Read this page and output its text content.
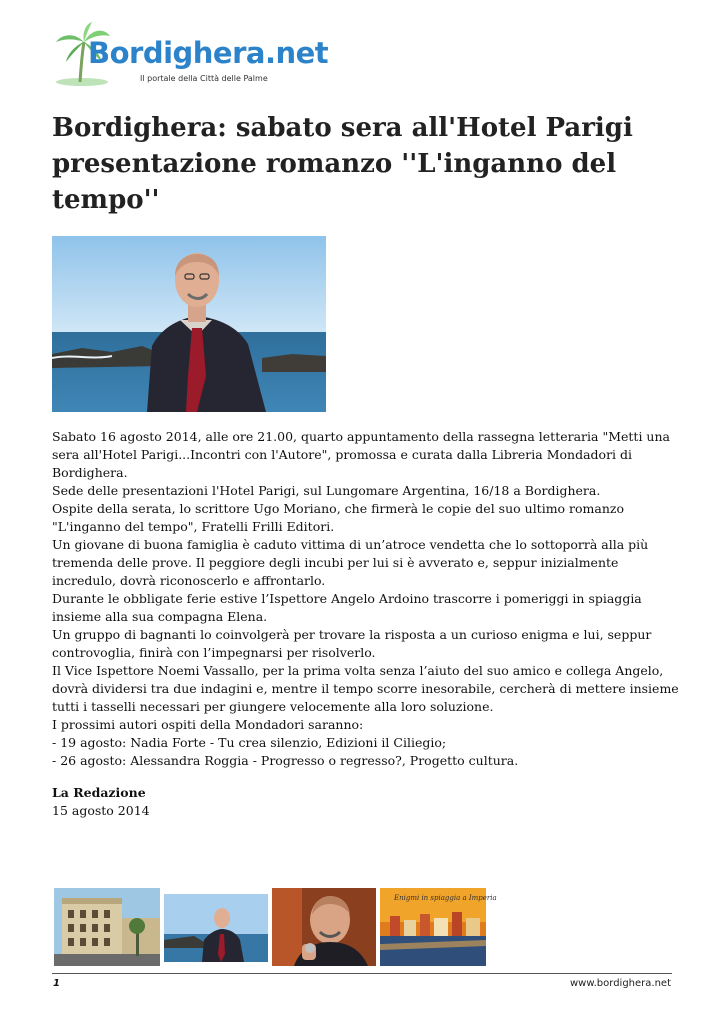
Bordighera.net
Il portale della Città delle Palme
Bordighera: sabato sera all'Hotel Parigi presentazione romanzo ''L'inganno del tempo''

Sabato 16 agosto 2014, alle ore 21.00, quarto appuntamento della rassegna letteraria "Metti una sera all'Hotel Parigi...Incontri con l'Autore", promossa e curata dalla Libreria Mondadori di Bordighera.

Sede delle presentazioni l'Hotel Parigi, sul Lungomare Argentina, 16/18 a Bordighera.

Ospite della serata, lo scrittore Ugo Moriano, che firmerà le copie del suo ultimo romanzo "L'inganno del tempo", Fratelli Frilli Editori.

Un giovane di buona famiglia è caduto vittima di un’atroce vendetta che lo sottoporrà alla più tremenda delle prove. Il peggiore degli incubi per lui si è avverato e, seppur inizialmente incredulo, dovrà riconoscerlo e affrontarlo.

Durante le obbligate ferie estive l’Ispettore Angelo Ardoino trascorre i pomeriggi in spiaggia insieme alla sua compagna Elena.

Un gruppo di bagnanti lo coinvolgerà per trovare la risposta a un curioso enigma e lui, seppur controvoglia, finirà con l’impegnarsi per risolverlo.

Il Vice Ispettore Noemi Vassallo, per la prima volta senza l’aiuto del suo amico e collega Angelo, dovrà dividersi tra due indagini e, mentre il tempo scorre inesorabile, cercherà di mettere insieme tutti i tasselli necessari per giungere velocemente alla loro soluzione.

I prossimi autori ospiti della Mondadori saranno:

- 19 agosto: Nadia Forte - Tu crea silenzio, Edizioni il Ciliegio;

- 26 agosto: Alessandra Roggia - Progresso o regresso?, Progetto cultura.

La Redazione
15 agosto 2014
Enigmi in spiaggia a Imperia
1	www.bordighera.net
